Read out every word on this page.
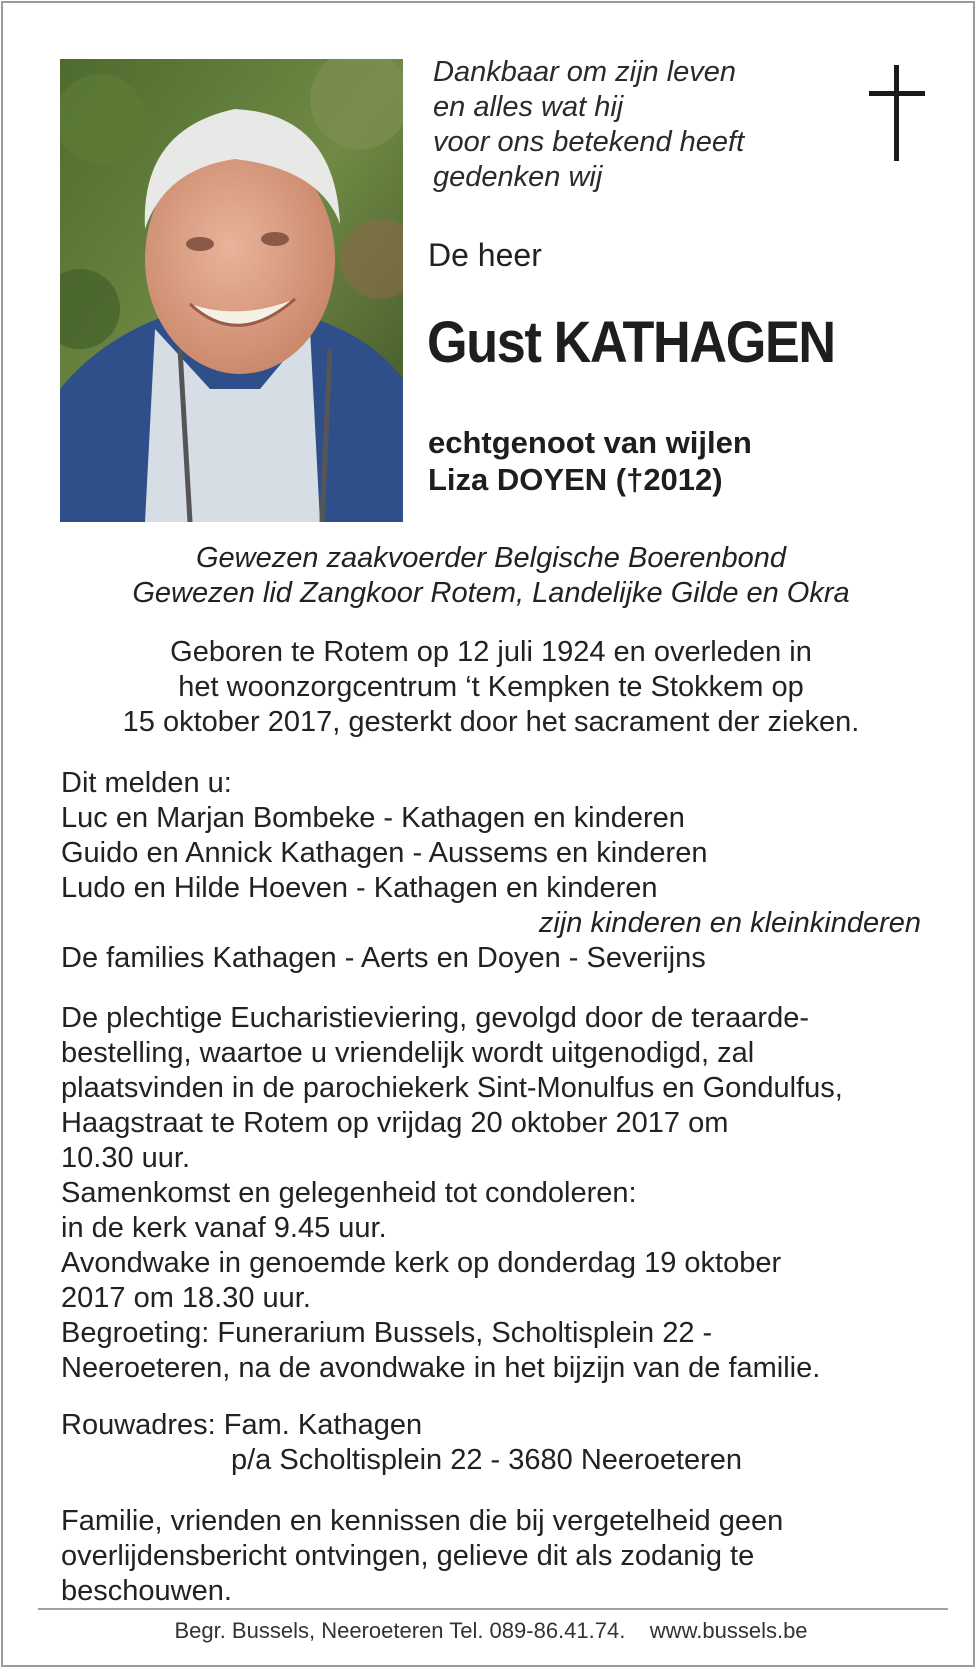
Dankbaar om zijn leven
en alles wat hij
voor ons betekend heeft
gedenken wij
De heer
Gust KATHAGEN
echtgenoot van wijlen
Liza DOYEN (†2012)
Gewezen zaakvoerder Belgische Boerenbond
Gewezen lid Zangkoor Rotem, Landelijke Gilde en Okra
Geboren te Rotem op 12 juli 1924 en overleden in
het woonzorgcentrum ‘t Kempken te Stokkem op
15 oktober 2017, gesterkt door het sacrament der zieken.
Dit melden u:
Luc en Marjan Bombeke - Kathagen en kinderen
Guido en Annick Kathagen - Aussems en kinderen
Ludo en Hilde Hoeven - Kathagen en kinderen
zijn kinderen en kleinkinderen
De families Kathagen - Aerts en Doyen - Severijns
De plechtige Eucharistieviering, gevolgd door de teraarde-
bestelling, waartoe u vriendelijk wordt uitgenodigd, zal
plaatsvinden in de parochiekerk Sint-Monulfus en Gondulfus,
Haagstraat te Rotem op vrijdag 20 oktober 2017 om
10.30 uur.
Samenkomst en gelegenheid tot condoleren:
in de kerk vanaf 9.45 uur.
Avondwake in genoemde kerk op donderdag 19 oktober
2017 om 18.30 uur.
Begroeting: Funerarium Bussels, Scholtisplein 22 -
Neeroeteren, na de avondwake in het bijzijn van de familie.
Rouwadres: Fam. Kathagen
p/a Scholtisplein 22 - 3680 Neeroeteren
Familie, vrienden en kennissen die bij vergetelheid geen
overlijdensbericht ontvingen, gelieve dit als zodanig te
beschouwen.
Begr. Bussels, Neeroeteren Tel. 089-86.41.74. www.bussels.be
